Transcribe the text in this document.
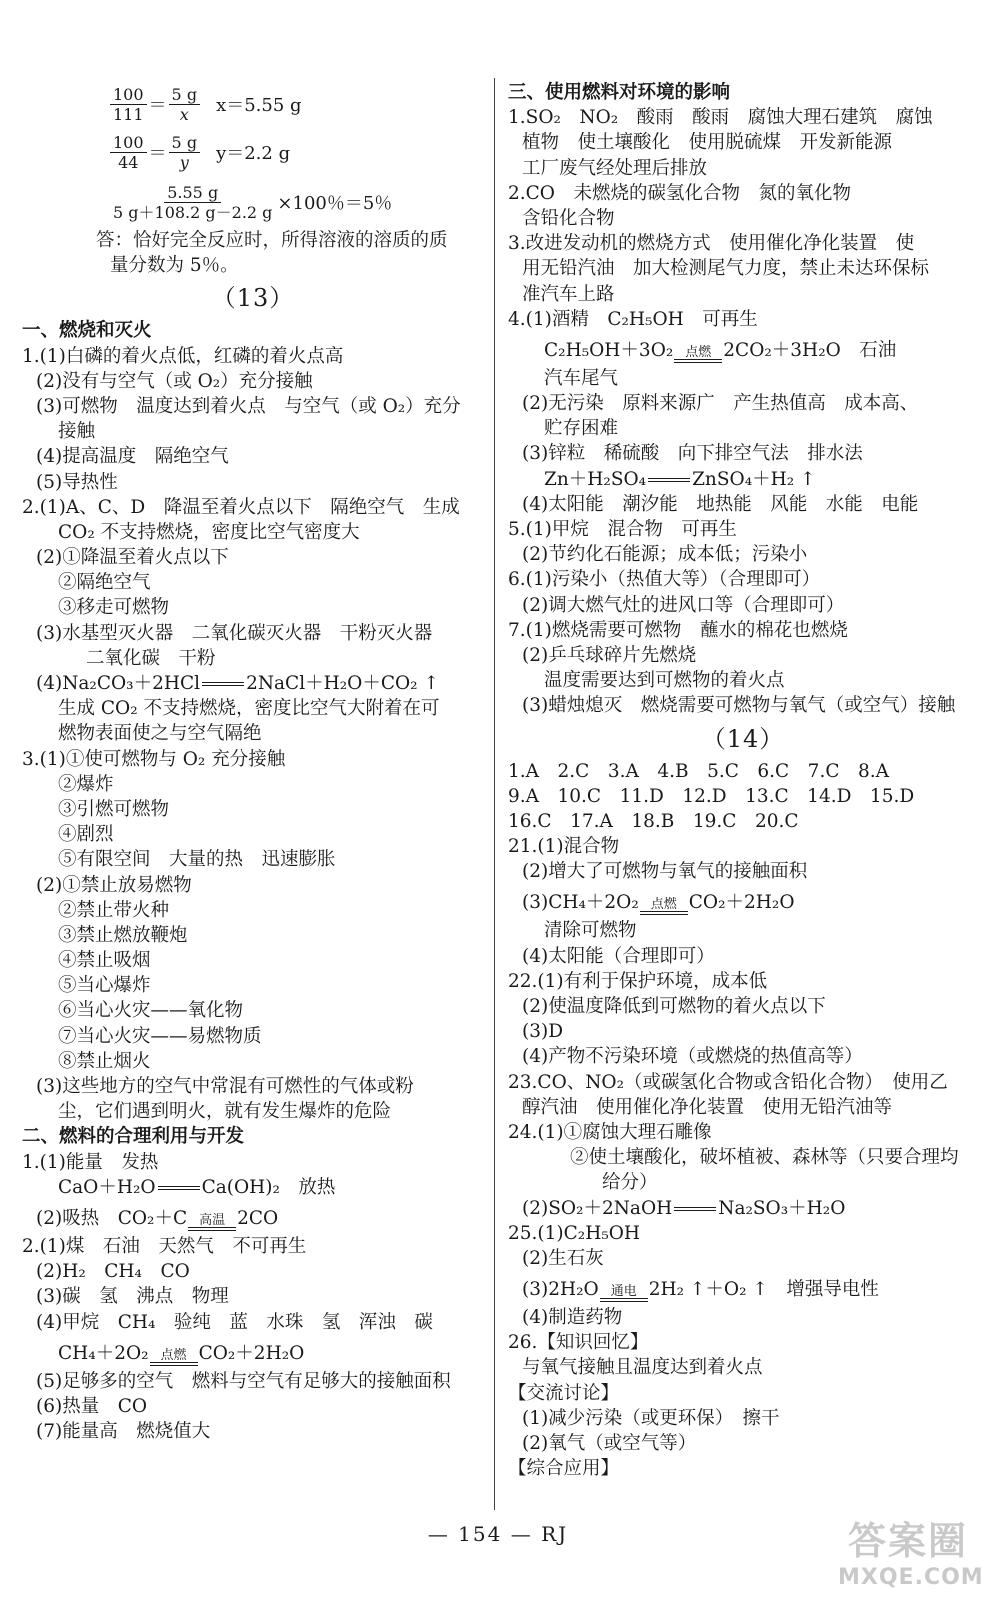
$\frac{100}{111} = \frac{5 g}{x} x=5.55$ g
$\frac{100}{44} = \frac{5 g}{y} y=2.2$ g
$\frac{5.55 g}{5 g+108.2 g-2.2 g} \times 100$％＝5％
答：恰好完全反应时，所得溶液的溶质的质
量分数为 5％。
（13）
一、燃烧和灭火
1.(1)白磷的着火点低，红磷的着火点高
(2)没有与空气（或 O₂）充分接触
(3)可燃物　温度达到着火点　与空气（或 O₂）充分
接触
(4)提高温度　隔绝空气
(5)导热性
2.(1)A、C、D　降温至着火点以下　隔绝空气　生成
CO₂ 不支持燃烧，密度比空气密度大
(2)①降温至着火点以下
②隔绝空气
③移走可燃物
(3)水基型灭火器　二氧化碳灭火器　干粉灭火器
二氧化碳　干粉
(4)Na₂CO₃＋2HCl 2NaCl＋H₂O＋CO₂ ↑
生成 CO₂ 不支持燃烧，密度比空气大附着在可
燃物表面使之与空气隔绝
3.(1)①使可燃物与 O₂ 充分接触
②爆炸
③引燃可燃物
④剧烈
⑤有限空间　大量的热　迅速膨胀
(2)①禁止放易燃物
②禁止带火种
③禁止燃放鞭炮
④禁止吸烟
⑤当心爆炸
⑥当心火灾——氧化物
⑦当心火灾——易燃物质
⑧禁止烟火
(3)这些地方的空气中常混有可燃性的气体或粉
尘，它们遇到明火，就有发生爆炸的危险
二、燃料的合理利用与开发
1.(1)能量　发热
CaO＋H₂O Ca(OH)₂　放热
(2)吸热　CO₂＋C 高温 2CO
2.(1)煤　石油　天然气　不可再生
(2)H₂　CH₄　CO
(3)碳　氢　沸点　物理
(4)甲烷　CH₄　验纯　蓝　水珠　氢　浑浊　碳
CH₄＋2O₂ 点燃 CO₂＋2H₂O
(5)足够多的空气　燃料与空气有足够大的接触面积
(6)热量　CO
(7)能量高　燃烧值大
三、使用燃料对环境的影响
1.SO₂　NO₂　酸雨　酸雨　腐蚀大理石建筑　腐蚀
植物　使土壤酸化　使用脱硫煤　开发新能源
工厂废气经处理后排放
2.CO　未燃烧的碳氢化合物　氮的氧化物
含铅化合物
3.改进发动机的燃烧方式　使用催化净化装置　使
用无铅汽油　加大检测尾气力度，禁止未达环保标
准汽车上路
4.(1)酒精　C₂H₅OH　可再生
C₂H₅OH＋3O₂ 点燃 2CO₂＋3H₂O　石油
汽车尾气
(2)无污染　原料来源广　产生热值高　成本高、
贮存困难
(3)锌粒　稀硫酸　向下排空气法　排水法
Zn＋H₂SO₄ ZnSO₄＋H₂ ↑
(4)太阳能　潮汐能　地热能　风能　水能　电能
5.(1)甲烷　混合物　可再生
(2)节约化石能源；成本低；污染小
6.(1)污染小（热值大等）（合理即可）
(2)调大燃气灶的进风口等（合理即可）
7.(1)燃烧需要可燃物　蘸水的棉花也燃烧
(2)乒乓球碎片先燃烧
温度需要达到可燃物的着火点
(3)蜡烛熄灭　燃烧需要可燃物与氧气（或空气）接触
（14）
1.A　2.C　3.A　4.B　5.C　6.C　7.C　8.A
9.A　10.C　11.D　12.D　13.C　14.D　15.D
16.C　17.A　18.B　19.C　20.C
21.(1)混合物
(2)增大了可燃物与氧气的接触面积
(3)CH₄＋2O₂ 点燃 CO₂＋2H₂O
清除可燃物
(4)太阳能（合理即可）
22.(1)有利于保护环境，成本低
(2)使温度降低到可燃物的着火点以下
(3)D
(4)产物不污染环境（或燃烧的热值高等）
23.CO、NO₂（或碳氢化合物或含铅化合物）　使用乙
醇汽油　使用催化净化装置　使用无铅汽油等
24.(1)①腐蚀大理石雕像
②使土壤酸化，破坏植被、森林等（只要合理均
给分）
(2)SO₂＋2NaOH Na₂SO₃＋H₂O
25.(1)C₂H₅OH
(2)生石灰
(3)2H₂O 通电 2H₂ ↑＋O₂ ↑　增强导电性
(4)制造药物
26.【知识回忆】
与氧气接触且温度达到着火点
【交流讨论】
(1)减少污染（或更环保）　擦干
(2)氧气（或空气等）
【综合应用】
— 154 — RJ	答案圈
MXQE.COM
